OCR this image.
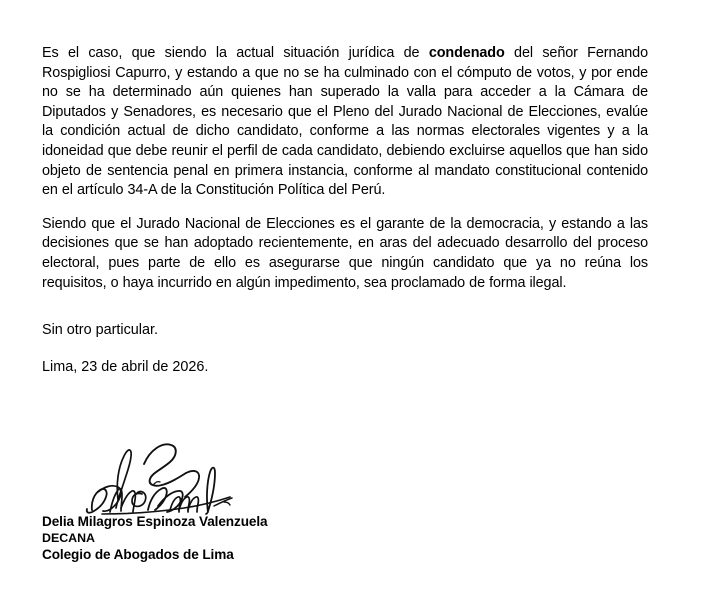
Es el caso, que siendo la actual situación jurídica de condenado del señor Fernando Rospigliosi Capurro, y estando a que no se ha culminado con el cómputo de votos, y por ende no se ha determinado aún quienes han superado la valla para acceder a la Cámara de Diputados y Senadores, es necesario que el Pleno del Jurado Nacional de Elecciones, evalúe la condición actual de dicho candidato, conforme a las normas electorales vigentes y a la idoneidad que debe reunir el perfil de cada candidato, debiendo excluirse aquellos que han sido objeto de sentencia penal en primera instancia, conforme al mandato constitucional contenido en el artículo 34-A de la Constitución Política del Perú.

Siendo que el Jurado Nacional de Elecciones es el garante de la democracia, y estando a las decisiones que se han adoptado recientemente, en aras del adecuado desarrollo del proceso electoral, pues parte de ello es asegurarse que ningún candidato que ya no reúna los requisitos, o haya incurrido en algún impedimento, sea proclamado de forma ilegal.

Sin otro particular.

Lima, 23 de abril de 2026.

Delia Milagros Espinoza Valenzuela

DECANA

Colegio de Abogados de Lima
